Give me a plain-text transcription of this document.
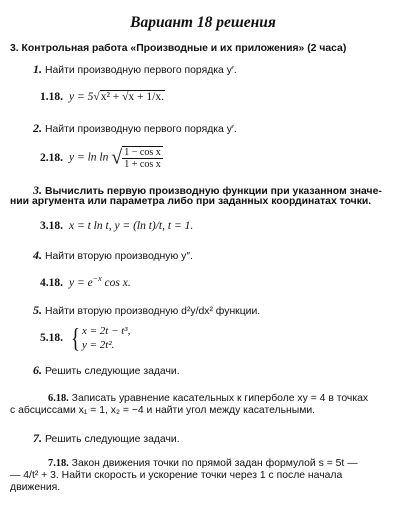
Вариант 18 решения
3. Контрольная работа «Производные и их приложения» (2 часа)
1. Найти производную первого порядка y′.
1.18. y = 5√x² + √x + 1/x.
2. Найти производную первого порядка y′.
2.18. y = ln ln √ $\frac{\text{1 − cos x}}{\text{1 + cos x}}$
3. Вычислить первую производную функции при указанном значе-
нии аргумента или параметра либо при заданных координатах точки.
3.18. x = t ln t, y = (ln t)/t, t = 1.
4. Найти вторую производную y″.
4.18. $y = e^{-x}$ cos x.
5. Найти вторую производную d²y/dx² функции.
5.18. { x = 2t − t³,
y = 2t².
6. Решить следующие задачи.
6.18. Записать уравнение касательных к гиперболе xy = 4 в точках
с абсциссами x₁ = 1, x₂ = −4 и найти угол между касательными.
7. Решить следующие задачи.
7.18. Закон движения точки по прямой задан формулой s = 5t —
— 4/t² + 3. Найти скорость и ускорение точки через 1 с после начала
движения.
